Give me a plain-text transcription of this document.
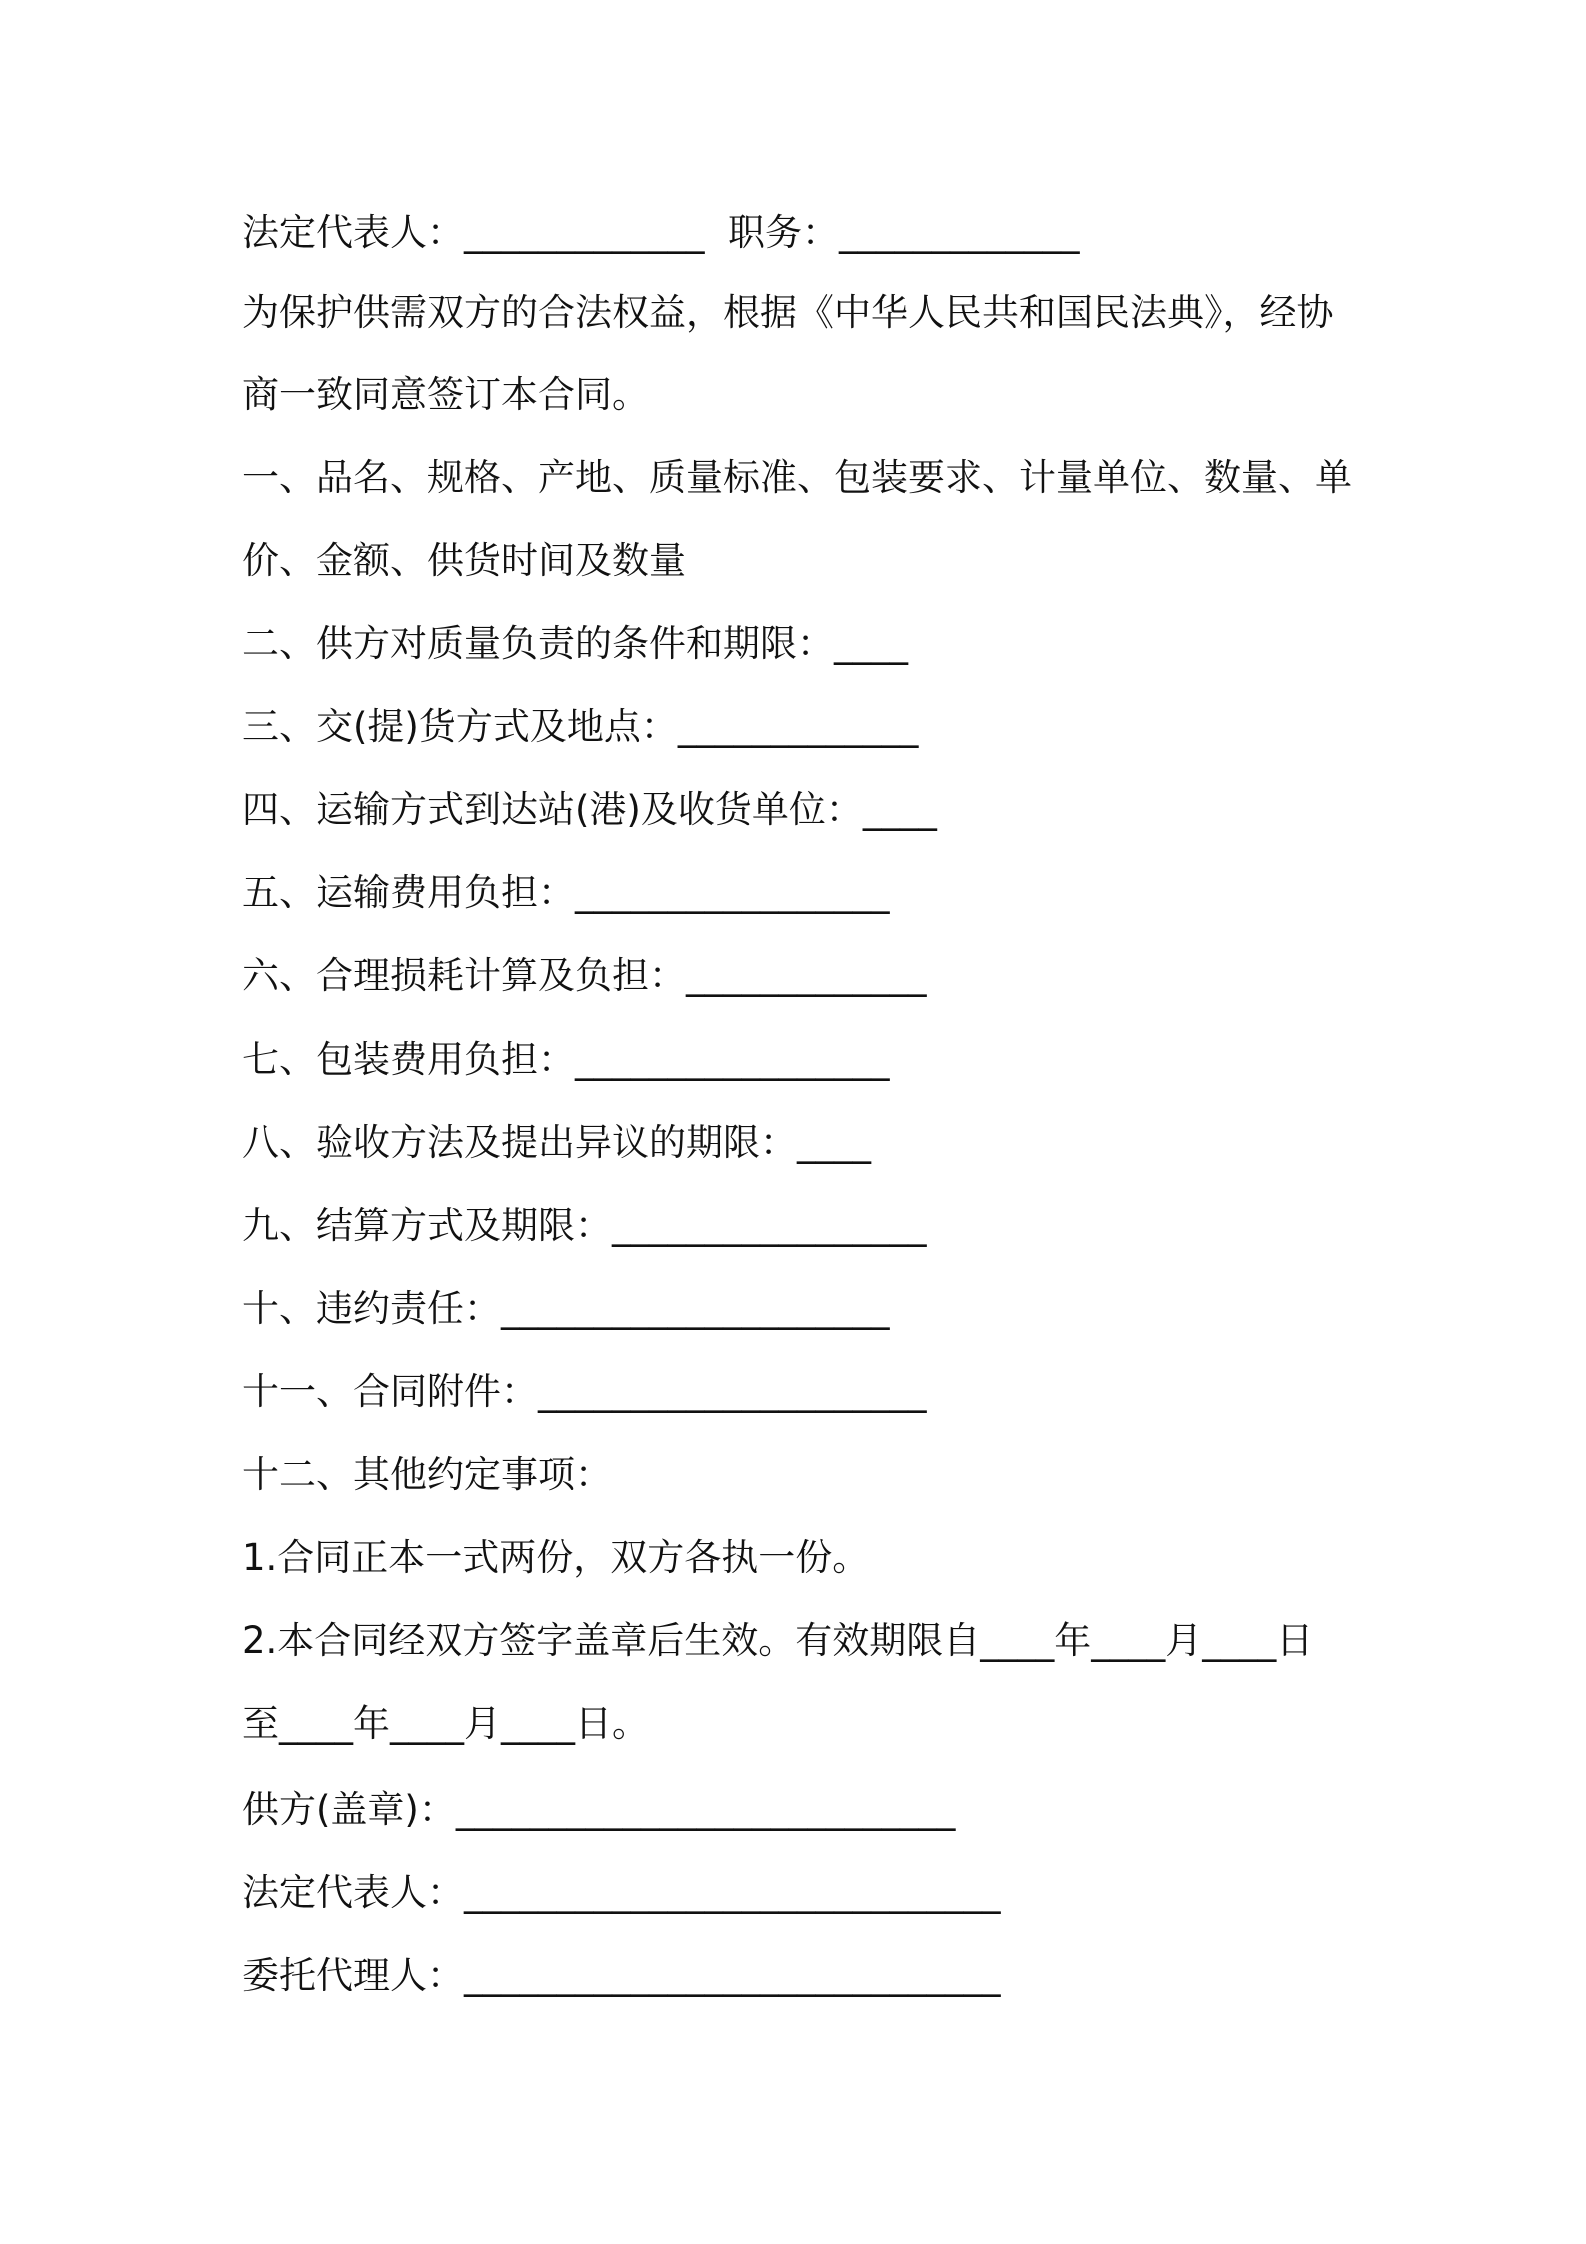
法定代表人：_____________  职务：_____________
为保护供需双方的合法权益，根据《中华人民共和国民法典》，经协
商一致同意签订本合同。
一、品名、规格、产地、质量标准、包装要求、计量单位、数量、单
价、金额、供货时间及数量
二、供方对质量负责的条件和期限：____
三、交(提)货方式及地点：_____________
四、运输方式到达站(港)及收货单位：____
五、运输费用负担：_________________
六、合理损耗计算及负担：_____________
七、包装费用负担：_________________
八、验收方法及提出异议的期限：____
九、结算方式及期限：_________________
十、违约责任：_____________________
十一、合同附件：_____________________
十二、其他约定事项：
1.合同正本一式两份，双方各执一份。
2.本合同经双方签字盖章后生效。有效期限自____年____月____日
至____年____月____日。
供方(盖章)：___________________________
法定代表人：_____________________________
委托代理人：_____________________________
